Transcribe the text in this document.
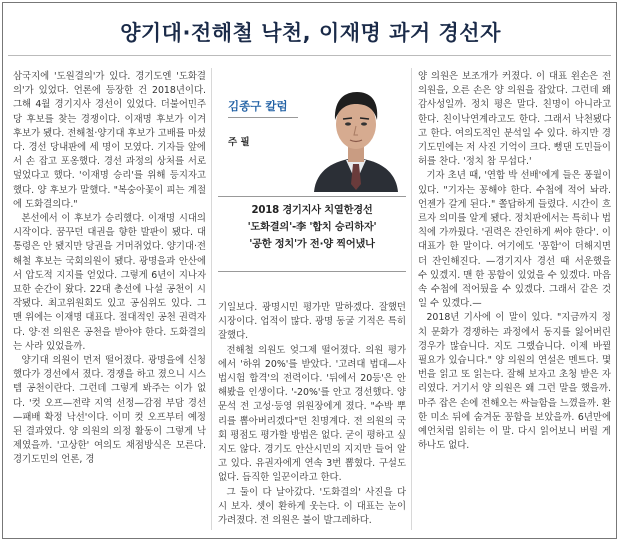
양기대·전해철 낙천, 이재명 과거 경선자

삼국지에 '도원결의'가 있다. 경기도엔 '도화결의'가 있었다. 언론에 등장한 건 2018년이다. 그해 4월 경기지사 경선이 있었다. 더불어민주당 후보를 찾는 경쟁이다. 이재명 후보가 이겨 후보가 됐다. 전해철·양기대 후보가 고배를 마셨다. 경선 당내판에 세 명이 모였다. 기자들 앞에서 손 잡고 포옹했다. 경선 과정의 상처를 서로 덮었다고 했다. '이재명 승리'를 위해 등지자고 했다. 양 후보가 말했다. "복숭아꽃이 피는 계절에 도화결의다."

본선에서 이 후보가 승리했다. 이재명 시대의 시작이다. 꿈꾸던 대권을 향한 발판이 됐다. 대통령은 안 됐지만 당권을 거머쥐었다. 양기대·전해철 후보는 국회의원이 됐다. 광명을과 안산에서 압도적 지지를 얻었다. 그렇게 6년이 지나자 묘한 순간이 왔다. 22대 총선에 나설 공천이 시작됐다. 최고위원회도 있고 공심위도 있다. 그 맨 위에는 이재명 대표다. 절대적인 공천 권력자다. 양·전 의원은 공천을 받아야 한다. 도화결의는 사라 있었을까.

양기대 의원이 먼저 떨어졌다. 광명을에 신청했다가 경선에서 졌다. 경쟁을 하고 졌으니 시스템 공천이란다. 그런데 그렇게 봐주는 이가 없다. '컷 오프—전략 지역 선정—감점 부담 경선—패배 확정 낙선'이다. 이미 컷 오프부터 예정된 결과였다. 양 의원의 의정 활동이 그렇게 낙제였을까. '고상한' 여의도 채점방식은 모른다. 경기도민의 언론, 경

김종구 칼럼
주 필
2018 경기지사 치열한경선
'도화결의'-李 '합치 승리하자'
'공한 정치'가 전·양 찍어냈나

기일보다. 광명시민 평가만 말하겠다. 잘했던 시장이다. 업적이 많다. 광명 동굴 기적은 특히 잘했다.

전해철 의원도 엊그제 떨어졌다. 의원 평가에서 '하위 20%'를 받았다. '고려대 법대—사법시험 합격'의 전력이다. '뒤에서 20등'은 안 해봤을 인생이다. '-20%'를 안고 경선했다. 양문석 전 고성·등영 위원장에게 졌다. "수박 뿌리를 뽑아버리겠다"던 친명계다. 전 의원의 국회 평점도 평가할 방법은 없다. 굳이 평하고 싶지도 않다. 경기도 안산시민의 지지만 들어 알고 있다. 유권자에게 연속 3번 뽑혔다. 구설도 없다. 듬직한 일꾼이라고 한다.

그 둘이 다 날아갔다. '도화결의' 사진을 다시 보자. 셋이 환하게 웃는다. 이 대표는 눈이 가려졌다. 전 의원은 불이 발그레하다.

양 의원은 보조개가 커졌다. 이 대표 왼손은 전 의원을, 오른 손은 양 의원을 잡았다. 그런데 왜 감사성일까. 정치 평은 말다. 친명이 아니라고 한다. 친이낙연계라고도 한다. 그래서 낙천됐다고 한다. 여의도적인 분석일 수 있다. 하지만 경기도민에는 저 사진 기억이 크다. 뻥댄 도민들이 허를 찬다. '정치 참 무섭다.'

기자 초년 때, '연합 박 선배'에게 들은 풍월이 있다. "기자는 꽁해야 한다. 수첩에 적어 놔라. 언젠가 갈게 된다." 쫄답하게 들렸다. 시간이 흐르자 의미를 알게 됐다. 정치판에서는 특히나 법칙에 가까웠다. '권력은 잔인하게 써야 한다'. 이 대표가 한 말이다. 여기에도 '꽁함'이 더해지면 더 잔인해진다. —경기지사 경선 때 서운했을 수 있겠지. 맨 한 꽁함이 있었을 수 있겠다. 마음 속 수첩에 적어뒀을 수 있겠다. 그래서 같은 것일 수 있겠다.—

2018년 기사에 이 말이 있다. "지금까지 정치 문화가 경쟁하는 과정에서 동지를 잃어버린 경우가 많습니다. 지도 그랬습니다. 이제 바뀔 필요가 있습니다." 양 의원의 연설은 멘트다. 몇 번을 읽고 또 읽는다. 잘해 보자고 초청 받은 자리였다. 거기서 양 의원은 왜 그런 말을 했을까. 마주 잡은 손에 전해오는 싸늘함을 느꼈을까. 환한 미소 뒤에 숨겨둔 꽁함을 보았을까. 6년만에 예언처럼 읽히는 이 말. 다시 읽어보니 버릴 게 하나도 없다.
